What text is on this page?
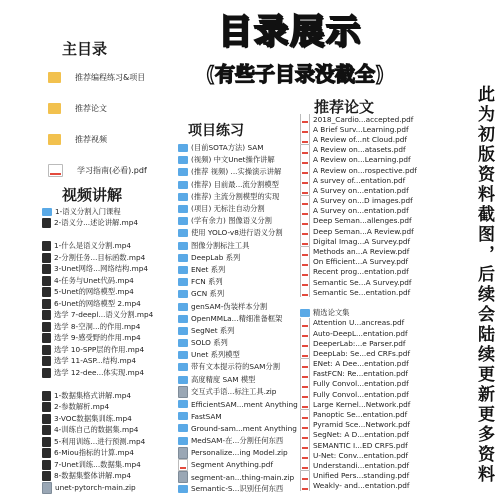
目录展示
(有些子目录没截全)
此为初版资料截图，后续会陆续更新更多资料
主目录
推荐编程练习&项目
推荐论文
推荐视频
学习指南(必看).pdf
视频讲解
1-语义分割入门课程
2-语义分...述论讲解.mp4
1-什么是语义分割.mp4
2-分割任务...目标函数.mp4
3-Unet网络...网络结构.mp4
4-任务与Unet代码.mp4
5-Unet的网络模型.mp4
6-Unet的网络模型 2.mp4
选学 7-deepl...语义分割.mp4
选学 8-空洞...的作用.mp4
选学 9-感受野的作用.mp4
选学 10-SPP层的作用.mp4
选学 11-ASP...结构.mp4
选学 12-dee...体实现.mp4
1-数据集格式讲解.mp4
2-参数解析.mp4
3-VOC数据集训练.mp4
4-训练自己的数据集.mp4
5-利用训练...进行预测.mp4
6-Miou指标的计算.mp4
7-Unet训练...数据集.mp4
8-数据集整体讲解.mp4
unet-pytorch-main.zip
项目练习
(目前SOTA方法) SAM
(视频) 中文Unet操作讲解
(推荐 视频) ...实操演示讲解
(推荐) 目前最...流分割模型
(推荐) 主流分割模型的实现
(项目) 无标注自动分割
(学有余力) 图像语义分割
使用 YOLO-v8进行语义分割
图像分割标注工具
DeepLab 系列
ENet 系列
FCN 系列
GCN 系列
genSAM-伪装样本分割
OpenMMLa...精细准备框架
SegNet 系列
SOLO 系列
Unet 系列模型
带有文本提示符的SAM分割
高度精度 SAM 模型
交互式手语...标注工具.zip
EfficientSAM...ment Anything
FastSAM
Ground-sam...ment Anything
MedSAM-在...分割任何东西
Personalize...ing Model.zip
Segment Anything.pdf
segment-an...thing-main.zip
Semantic-S...识别任何东西
推荐论文
2018_Cardio...accepted.pdf
A Brief Surv...Learning.pdf
A Review of...nt Cloud.pdf
A Review on...atasets.pdf
A Review on...Learning.pdf
A Review on...rospective.pdf
A survey of...entation.pdf
A Survey on...entation.pdf
A Survey on...D images.pdf
A Survey on...entation.pdf
Deep Seman...allenges.pdf
Deep Seman...A Review.pdf
Digital Imag...A Survey.pdf
Methods an...A Review.pdf
On Efficient...A Survey.pdf
Recent prog...entation.pdf
Semantic Se...A Survey.pdf
Semantic Se...entation.pdf
精选论文集
Attention U...ancreas.pdf
Auto-DeepL...entation.pdf
DeeperLab:...e Parser.pdf
DeepLab: Se...ed CRFs.pdf
ENet: A Dee...entation.pdf
FastFCN: Re...entation.pdf
Fully Convol...entation.pdf
Fully Convol...entation.pdf
Large Kernel...Network.pdf
Panoptic Se...entation.pdf
Pyramid Sce...Network.pdf
SegNet: A D...entation.pdf
SEMANTIC I...ED CRFS.pdf
U-Net: Conv...entation.pdf
Understandi...entation.pdf
Unified Pers...standing.pdf
Weakly- and...entation.pdf
